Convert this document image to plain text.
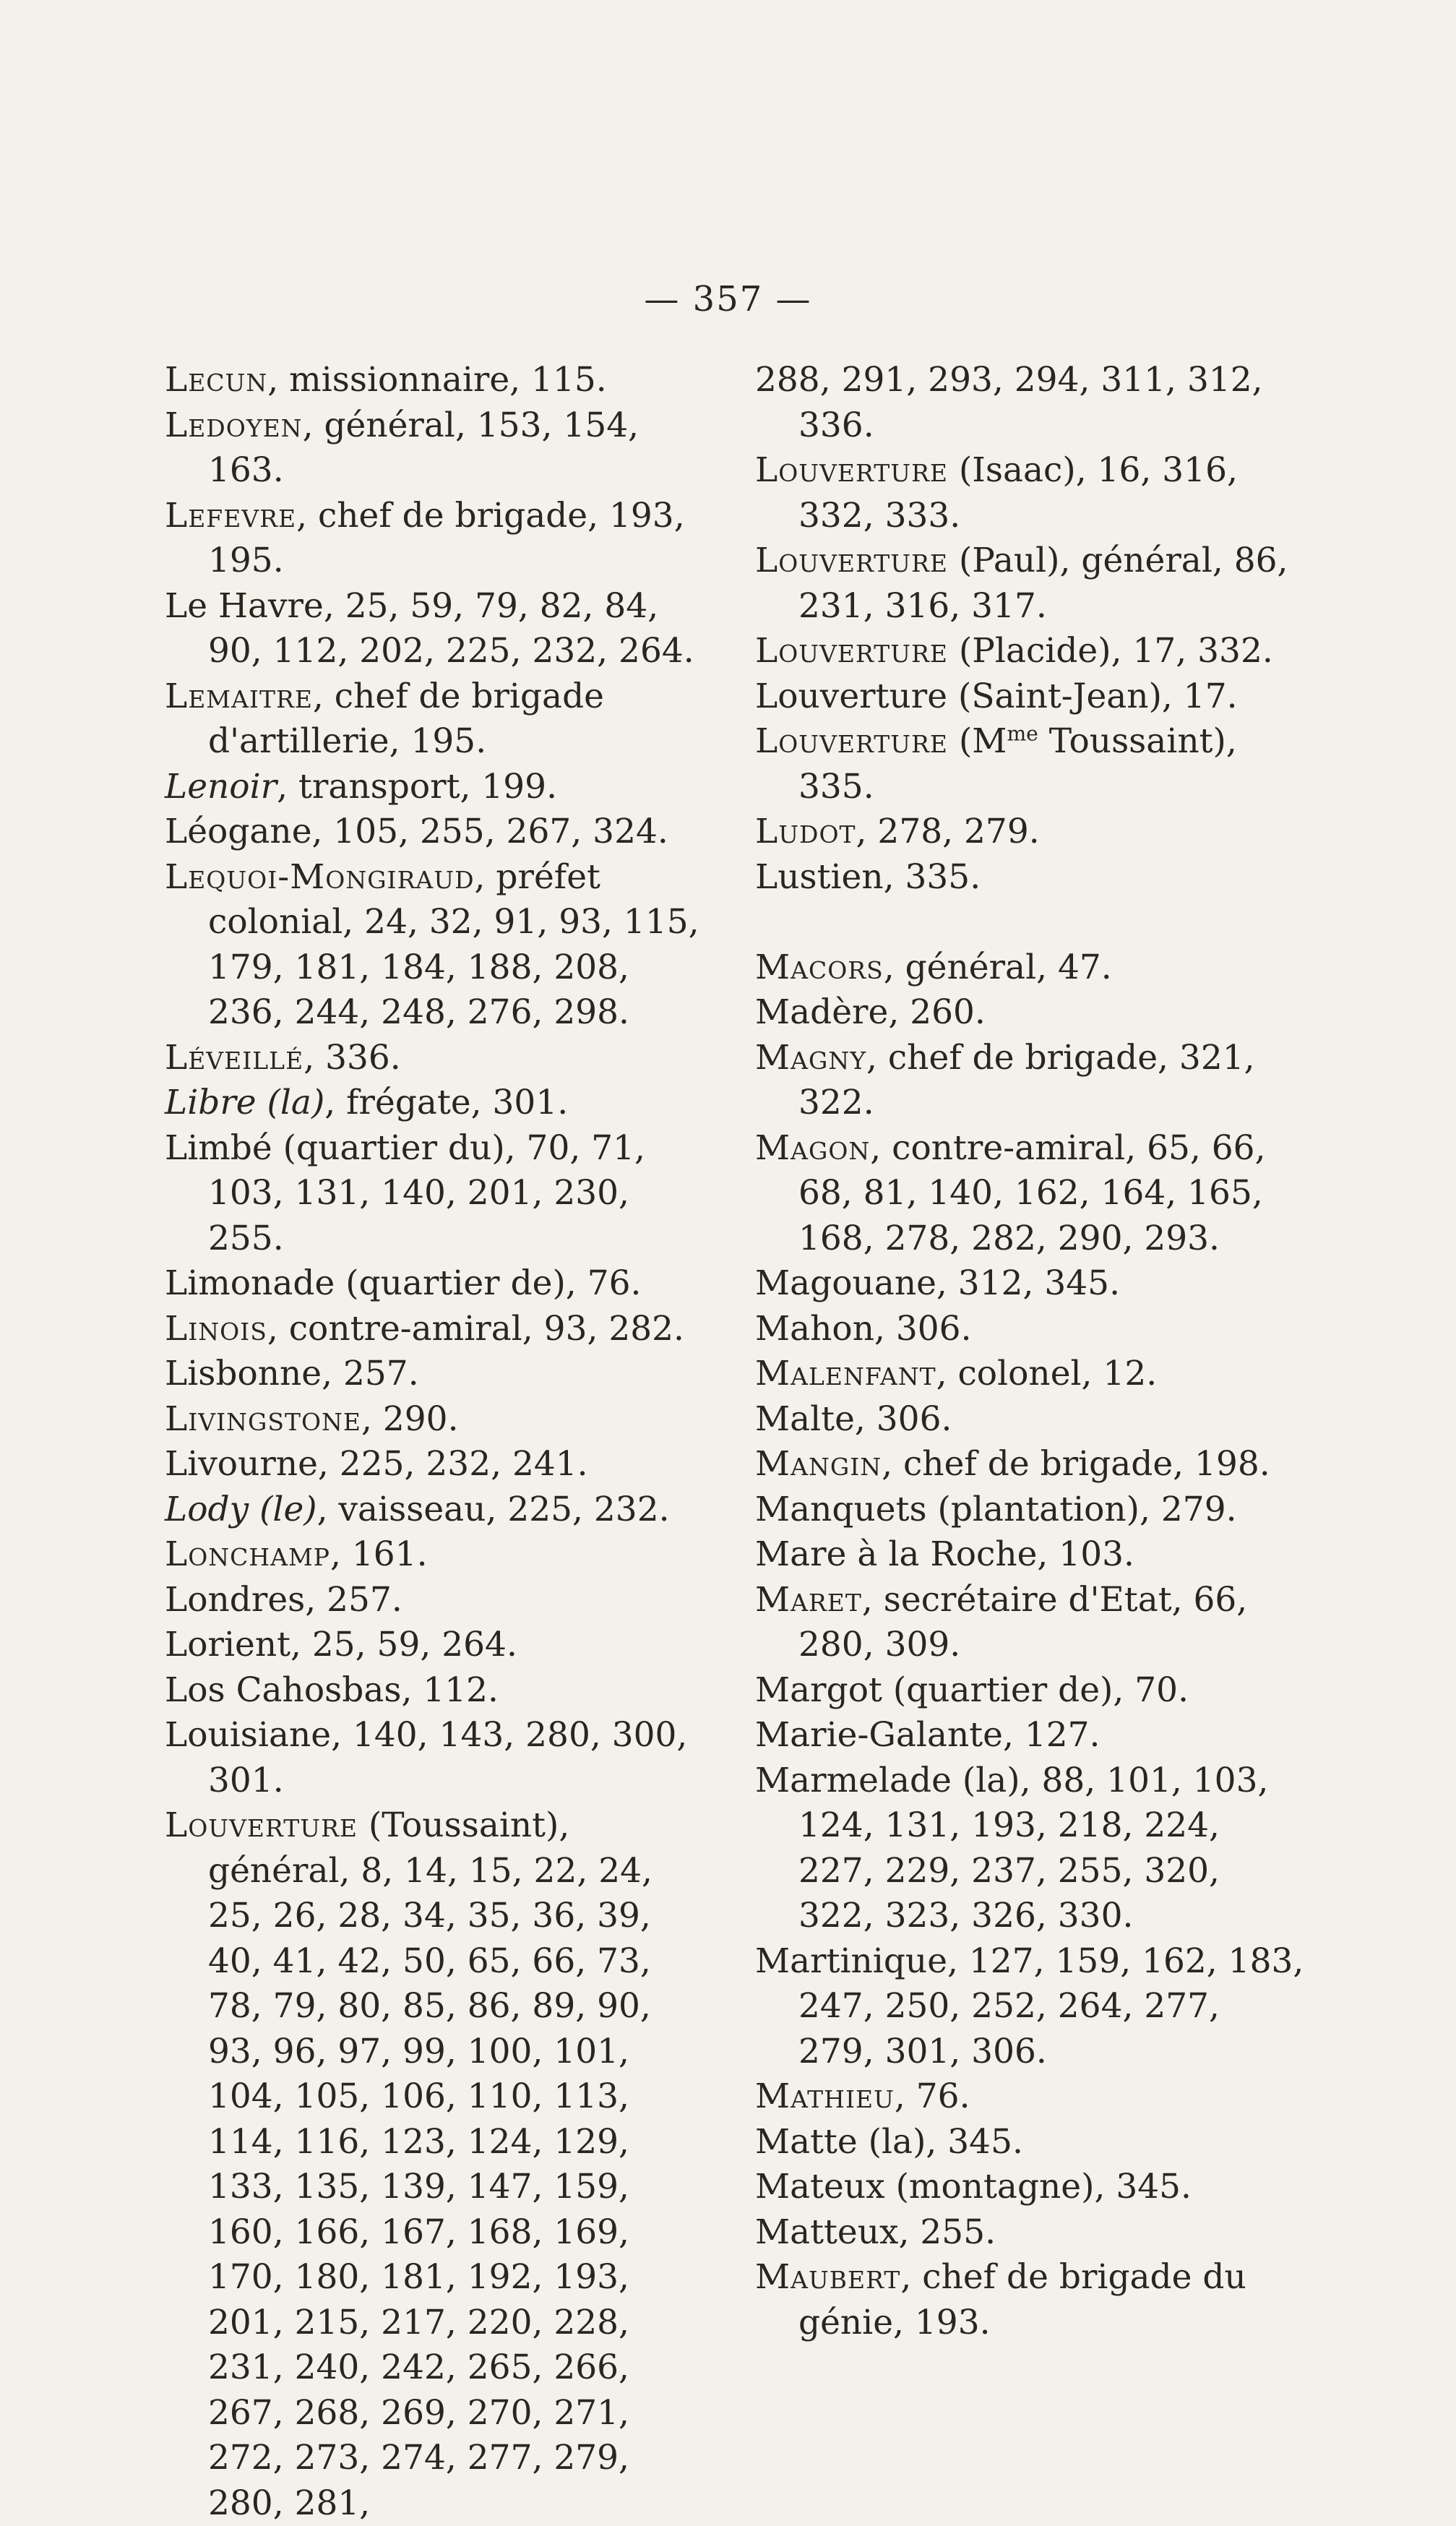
— 357 —
Lecun, missionnaire, 115.
Ledoyen, général, 153, 154, 163.
Lefevre, chef de brigade, 193, 195.
Le Havre, 25, 59, 79, 82, 84, 90, 112, 202, 225, 232, 264.
Lemaitre, chef de brigade d'artillerie, 195.
Lenoir, transport, 199.
Léogane, 105, 255, 267, 324.
Lequoi-Mongiraud, préfet colonial, 24, 32, 91, 93, 115, 179, 181, 184, 188, 208, 236, 244, 248, 276, 298.
Léveillé, 336.
Libre (la), frégate, 301.
Limbé (quartier du), 70, 71, 103, 131, 140, 201, 230, 255.
Limonade (quartier de), 76.
Linois, contre-amiral, 93, 282.
Lisbonne, 257.
Livingstone, 290.
Livourne, 225, 232, 241.
Lody (le), vaisseau, 225, 232.
Lonchamp, 161.
Londres, 257.
Lorient, 25, 59, 264.
Los Cahosbas, 112.
Louisiane, 140, 143, 280, 300, 301.
Louverture (Toussaint), général, 8, 14, 15, 22, 24, 25, 26, 28, 34, 35, 36, 39, 40, 41, 42, 50, 65, 66, 73, 78, 79, 80, 85, 86, 89, 90, 93, 96, 97, 99, 100, 101, 104, 105, 106, 110, 113, 114, 116, 123, 124, 129, 133, 135, 139, 147, 159, 160, 166, 167, 168, 169, 170, 180, 181, 192, 193, 201, 215, 217, 220, 228, 231, 240, 242, 265, 266, 267, 268, 269, 270, 271, 272, 273, 274, 277, 279, 280, 281,
288, 291, 293, 294, 311, 312, 336.
Louverture (Isaac), 16, 316, 332, 333.
Louverture (Paul), général, 86, 231, 316, 317.
Louverture (Placide), 17, 332.
Louverture (Saint-Jean), 17.
Louverture ($M^{me}$ Toussaint), 335.
Ludot, 278, 279.
Lustien, 335.
Macors, général, 47.
Madère, 260.
Magny, chef de brigade, 321, 322.
Magon, contre-amiral, 65, 66, 68, 81, 140, 162, 164, 165, 168, 278, 282, 290, 293.
Magouane, 312, 345.
Mahon, 306.
Malenfant, colonel, 12.
Malte, 306.
Mangin, chef de brigade, 198.
Manquets (plantation), 279.
Mare à la Roche, 103.
Maret, secrétaire d'Etat, 66, 280, 309.
Margot (quartier de), 70.
Marie-Galante, 127.
Marmelade (la), 88, 101, 103, 124, 131, 193, 218, 224, 227, 229, 237, 255, 320, 322, 323, 326, 330.
Martinique, 127, 159, 162, 183, 247, 250, 252, 264, 277, 279, 301, 306.
Mathieu, 76.
Matte (la), 345.
Mateux (montagne), 345.
Matteux, 255.
Maubert, chef de brigade du génie, 193.
